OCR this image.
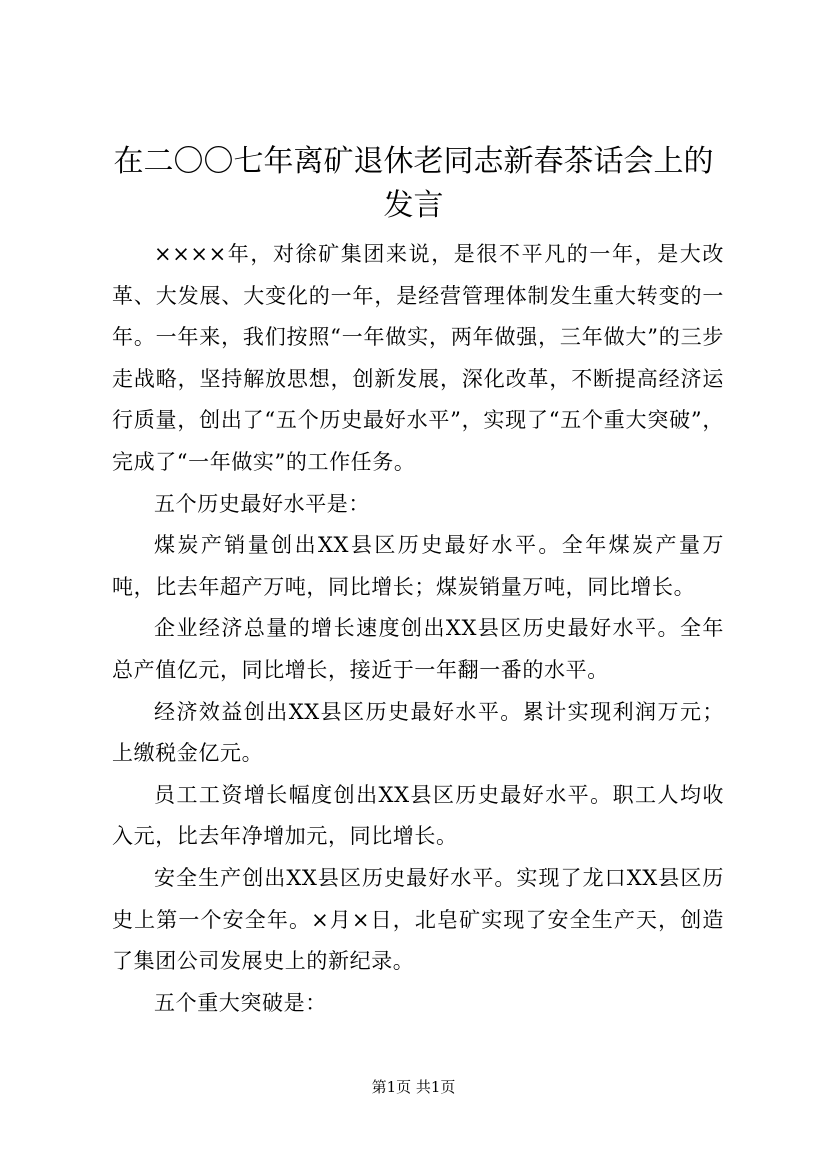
在二〇〇七年离矿退休老同志新春茶话会上的
发言

××××年，对徐矿集团来说，是很不平凡的一年，是大改革、大发展、大变化的一年，是经营管理体制发生重大转变的一年。一年来，我们按照“一年做实，两年做强，三年做大”的三步走战略，坚持解放思想，创新发展，深化改革，不断提高经济运行质量，创出了“五个历史最好水平”，实现了“五个重大突破”，完成了“一年做实”的工作任务。

五个历史最好水平是：

煤炭产销量创出XX县区历史最好水平。全年煤炭产量万吨，比去年超产万吨，同比增长；煤炭销量万吨，同比增长。

企业经济总量的增长速度创出XX县区历史最好水平。全年总产值亿元，同比增长，接近于一年翻一番的水平。

经济效益创出XX县区历史最好水平。累计实现利润万元；上缴税金亿元。

员工工资增长幅度创出XX县区历史最好水平。职工人均收入元，比去年净增加元，同比增长。

安全生产创出XX县区历史最好水平。实现了龙口XX县区历史上第一个安全年。×月×日，北皂矿实现了安全生产天，创造了集团公司发展史上的新纪录。

五个重大突破是：

第1页 共1页
